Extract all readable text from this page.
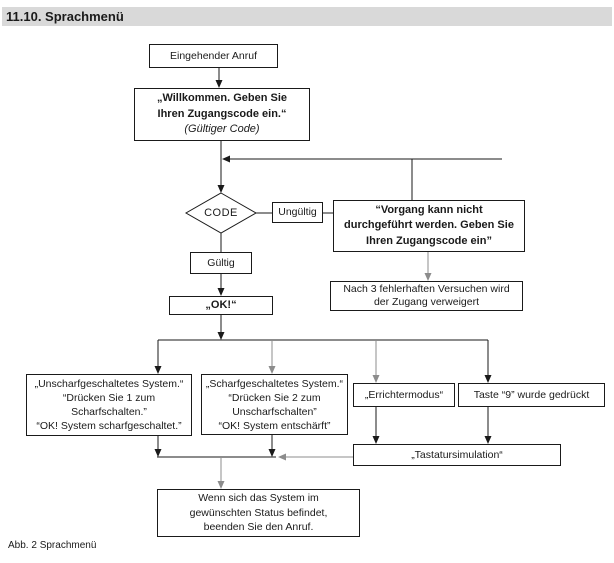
11.10. Sprachmenü
Eingehender Anruf
„Willkommen. Geben Sie
Ihren Zugangscode ein.“
(Gültiger Code)
CODE	Ungültig	“Vorgang kann nicht
durchgeführt werden. Geben Sie
Ihren Zugangscode ein”
Nach 3 fehlerhaften Versuchen wird
der Zugang verweigert
Gültig
„OK!“
„Unscharfgeschaltetes System.“
“Drücken Sie 1 zum
Scharfschalten.”
“OK! System scharfgeschaltet.”
„Scharfgeschaltetes System.“
“Drücken Sie 2 zum
Unscharfschalten”
“OK! System entschärft”
„Errichtermodus“	Taste “9” wurde gedrückt
„Tastatursimulation“
Wenn sich das System im
gewünschten Status befindet,
beenden Sie den Anruf.
Abb. 2 Sprachmenü
